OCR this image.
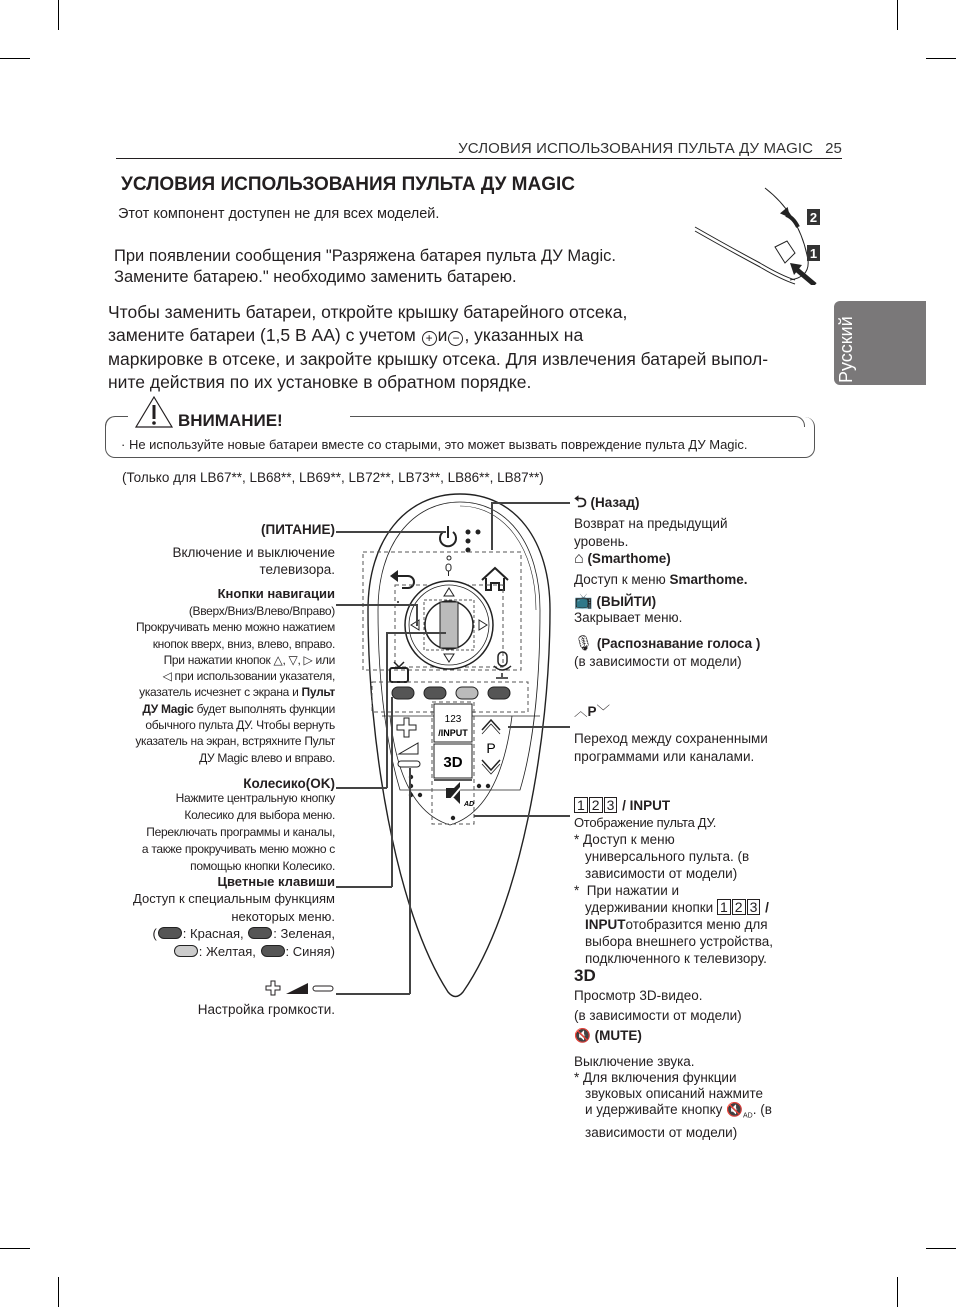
УСЛОВИЯ ИСПОЛЬЗОВАНИЯ ПУЛЬТА ДУ MAGIC 25
Русский
УСЛОВИЯ ИСПОЛЬЗОВАНИЯ ПУЛЬТА ДУ MAGIC
Этот компонент доступен не для всех моделей.
При появлении сообщения "Разряжена батарея пульта ДУ Magic.
Замените батарею." необходимо заменить батарею.
Чтобы заменить батареи, откройте крышку батарейного отсека,
замените батареи (1,5 В AA) с учетом + и − , указанных на
маркировке в отсеке, и закройте крышку отсека. Для извлечения батарей выпол-
ните действия по их установке в обратном порядке.
2
1
ВНИМАНИЕ!
· Не используйте новые батареи вместе со старыми, это может вызвать повреждение пульта ДУ Magic.
(Только для LB67**, LB68**, LB69**, LB72**, LB73**, LB86**, LB87**)
(ПИТАНИЕ)
Включение и выключение
телевизора.
Кнопки навигации
(Вверх/Вниз/Влево/Вправо)
Прокручивать меню можно нажатием
кнопок вверх, вниз, влево, вправо.
При нажатии кнопок △, ▽, ▷ или
◁ при использовании указателя,
указатель исчезнет с экрана и Пульт
ДУ Magic будет выполнять функции
обычного пульта ДУ. Чтобы вернуть
указатель на экран, встряхните Пульт
ДУ Magic влево и вправо.
Колесико(OK)
Нажмите центральную кнопку
Колесико для выбора меню.
Переключать программы и каналы,
а также прокручивать меню можно с
помощью кнопки Колесико.
Цветные клавиши
Доступ к специальным функциям
некоторых меню.
( : Красная, : Зеленая,
: Желтая, : Синяя)
Настройка громкости.
123
/INPUT
3D
AD
P
⮌ (Назад)
Возврат на предыдущий
уровень.
⌂ (Smarthome)
Доступ к меню Smarthome.
📺 (ВЫЙТИ)
Закрывает меню.
🎙 (Распознавание голоса )
(в зависимости от модели)
︿P﹀
Переход между сохраненными
программами или каналами.
1 2 3 / INPUT
Отображение пульта ДУ.
* Доступ к меню
универсального пульта. (в
зависимости от модели)
*  При нажатии и
удерживании кнопки 1 2 3 /
INPUTотобразится меню для
выбора внешнего устройства,
подключенного к телевизору.
3D
Просмотр 3D-видео.
(в зависимости от модели)
🔇 (MUTE)
Выключение звука.
* Для включения функции
звуковых описаний нажмите
и удерживайте кнопку $🔇_{AD}$. (в
зависимости от модели)
